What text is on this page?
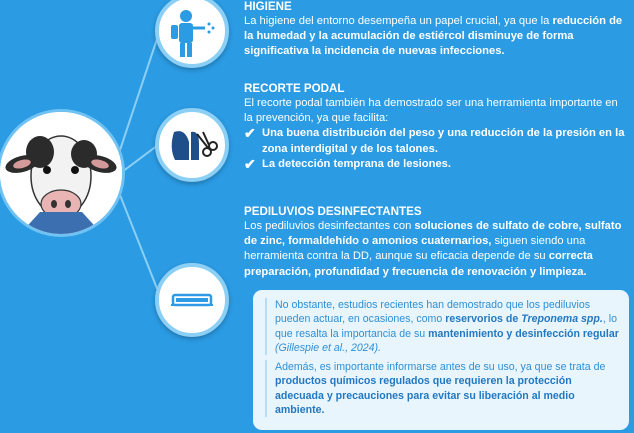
HIGIENE
La higiene del entorno desempeña un papel crucial, ya que la reducción de la humedad y la acumulación de estiércol disminuye de forma significativa la incidencia de nuevas infecciones.
RECORTE PODAL
El recorte podal también ha demostrado ser una herramienta importante en la prevención, ya que facilita:
✔ Una buena distribución del peso y una reducción de la presión en la zona interdigital y de los talones.
✔ La detección temprana de lesiones.
PEDILUVIOS DESINFECTANTES
Los pediluvios desinfectantes con soluciones de sulfato de cobre, sulfato de zinc, formaldehído o amonios cuaternarios, siguen siendo una herramienta contra la DD, aunque su eficacia depende de su correcta preparación, profundidad y frecuencia de renovación y limpieza.

No obstante, estudios recientes han demostrado que los pediluvios pueden actuar, en ocasiones, como reservorios de Treponema spp., lo que resalta la importancia de su mantenimiento y desinfección regular (Gillespie et al., 2024).

Además, es importante informarse antes de su uso, ya que se trata de productos químicos regulados que requieren la protección adecuada y precauciones para evitar su liberación al medio ambiente.
